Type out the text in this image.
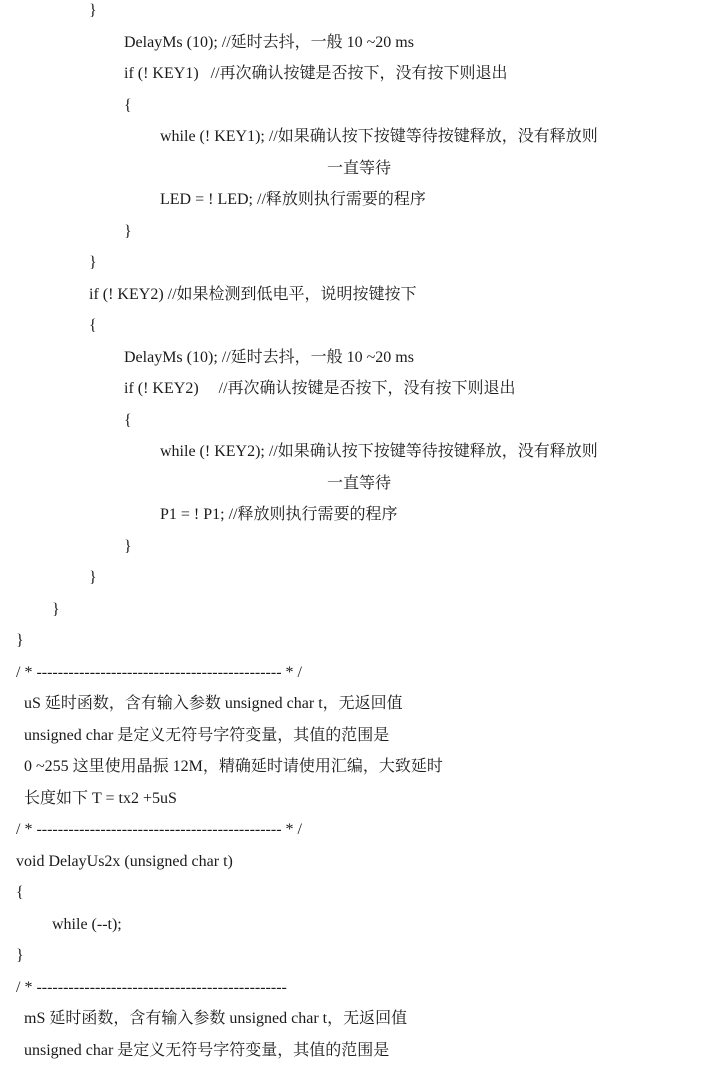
}
DelayMs (10); //延时去抖，一般 10 ~20 ms
if (! KEY1)   //再次确认按键是否按下，没有按下则退出
{
while (! KEY1); //如果确认按下按键等待按键释放，没有释放则
一直等待
LED = ! LED; //释放则执行需要的程序
}
}
if (! KEY2) //如果检测到低电平，说明按键按下
{
DelayMs (10); //延时去抖，一般 10 ~20 ms
if (! KEY2)     //再次确认按键是否按下，没有按下则退出
{
while (! KEY2); //如果确认按下按键等待按键释放，没有释放则
一直等待
P1 = ! P1; //释放则执行需要的程序
}
}
}
}
/ * ---------------------------------------------- * /
uS 延时函数，含有输入参数 unsigned char t，无返回值
unsigned char 是定义无符号字符变量，其值的范围是
0 ~255 这里使用晶振 12M，精确延时请使用汇编，大致延时
长度如下 T = tx2 +5uS
/ * ---------------------------------------------- * /
void DelayUs2x (unsigned char t)
{
while (--t);
}
/ * -----------------------------------------------
mS 延时函数，含有输入参数 unsigned char t，无返回值
unsigned char 是定义无符号字符变量，其值的范围是
